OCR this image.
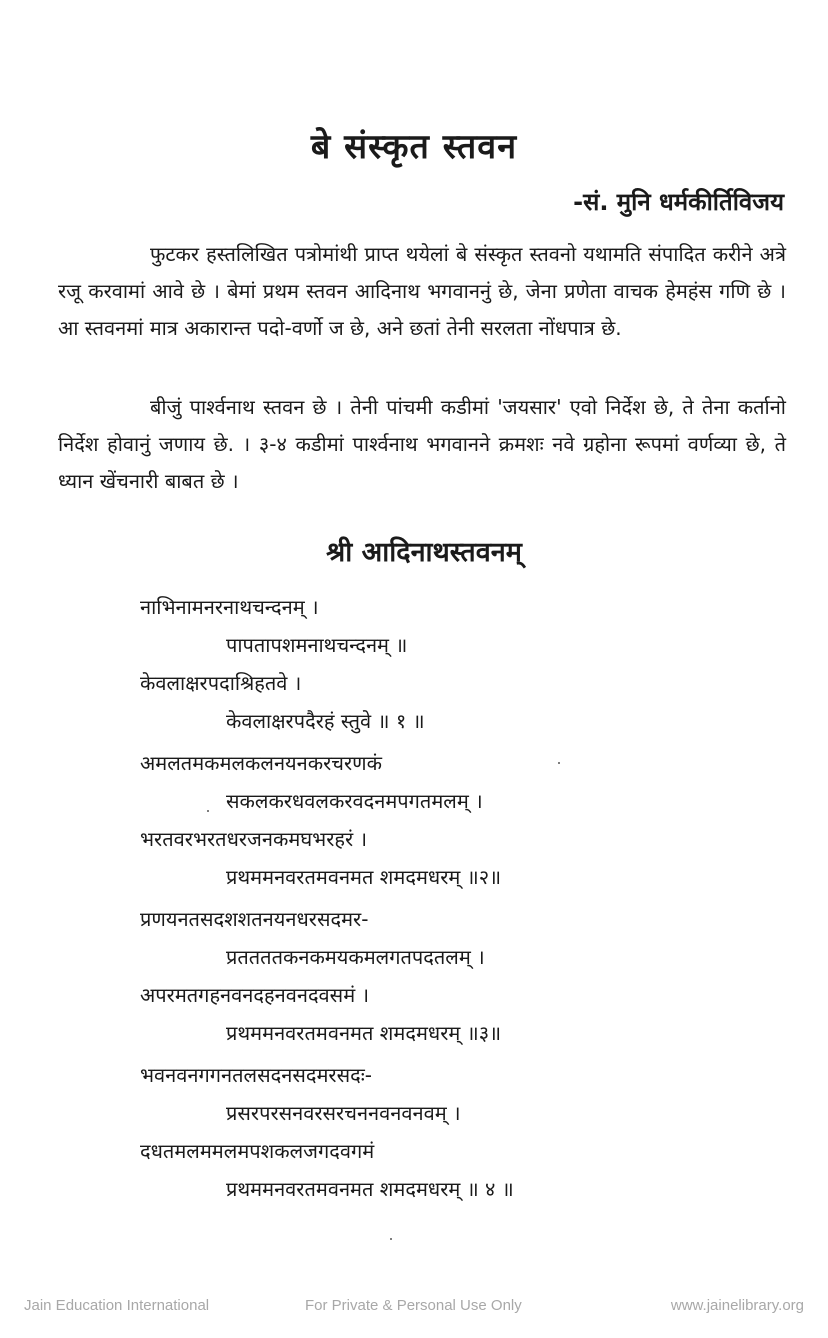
बे संस्कृत स्तवन
-सं. मुनि धर्मकीर्तिविजय

फुटकर हस्तलिखित पत्रोमांथी प्राप्त थयेलां बे संस्कृत स्तवनो यथामति संपादित करीने अत्रे रजू करवामां आवे छे । बेमां प्रथम स्तवन आदिनाथ भगवाननुं छे, जेना प्रणेता वाचक हेमहंस गणि छे । आ स्तवनमां मात्र अकारान्त पदो-वर्णो ज छे, अने छतां तेनी सरलता नोंधपात्र छे.

बीजुं पार्श्वनाथ स्तवन छे । तेनी पांचमी कडीमां 'जयसार' एवो निर्देश छे, ते तेना कर्तानो निर्देश होवानुं जणाय छे. । ३-४ कडीमां पार्श्वनाथ भगवानने क्रमशः नवे ग्रहोना रूपमां वर्णव्या छे, ते ध्यान खेंचनारी बाबत छे ।

श्री आदिनाथस्तवनम्
नाभिनामनरनाथचन्दनम् ।
पापतापशमनाथचन्दनम् ॥
केवलाक्षरपदाश्रिहतवे ।
केवलाक्षरपदैरहं स्तुवे ॥ १ ॥
अमलतमकमलकलनयनकरचरणकं
सकलकरधवलकरवदनमपगतमलम् ।
भरतवरभरतधरजनकमघभरहरं ।
प्रथममनवरतमवनमत शमदमधरम् ॥२॥
प्रणयनतसदशशतनयनधरसदमर-
प्रततततकनकमयकमलगतपदतलम् ।
अपरमतगहनवनदहनवनदवसमं ।
प्रथममनवरतमवनमत शमदमधरम् ॥३॥
भवनवनगगनतलसदनसदमरसदः-
प्रसरपरसनवरसरचननवनवनवम् ।
दधतमलममलमपशकलजगदवगमं
प्रथममनवरतमवनमत शमदमधरम् ॥ ४ ॥
Jain Education International	For Private & Personal Use Only	www.jainelibrary.org
